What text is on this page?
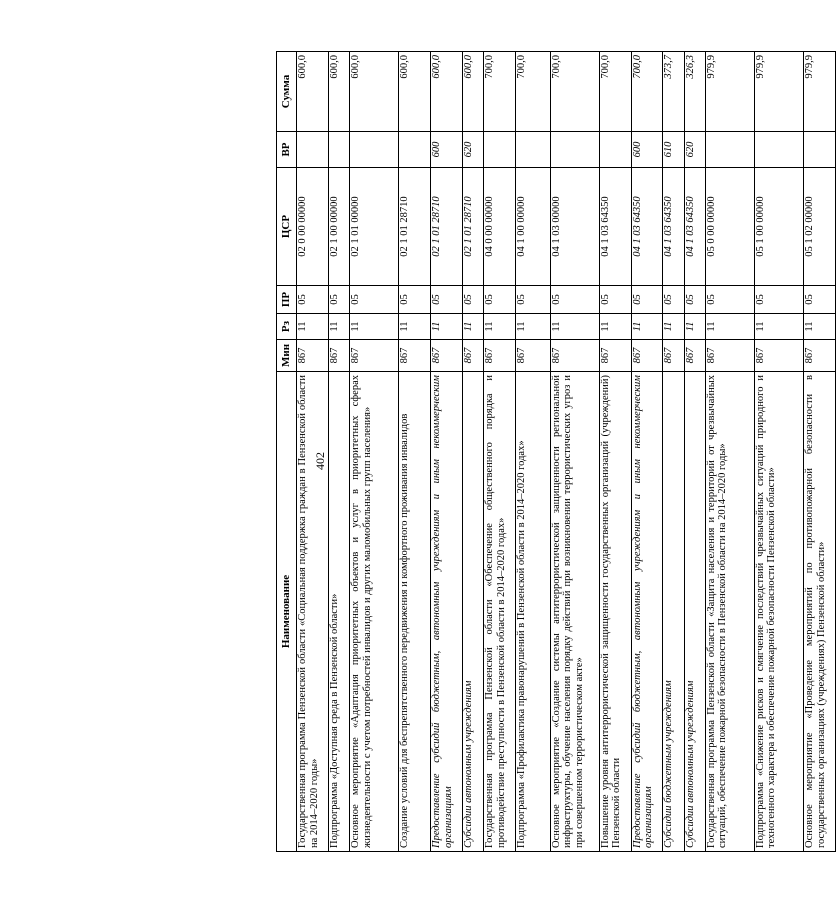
402
Наименование	Мин	Рз	ПР	ЦСР	ВР	Сумма
Государственная программа Пензенской области «Социальная поддержка граждан в Пензенской области на 2014–2020 годы»	867	11	05	02 0 00 00000		600,0
Подпрограмма «Доступная среда в Пензенской области»	867	11	05	02 1 00 00000		600,0
Основное мероприятие «Адаптация приоритетных объектов и услуг в приоритетных сферах жизнедеятельности с учетом потребностей инвалидов и других маломобильных групп населения»	867	11	05	02 1 01 00000		600,0
Создание условий для беспрепятственного передвижения и комфортного проживания инвалидов	867	11	05	02 1 01 28710		600,0
Предоставление субсидий бюджетным, автономным учреждениям и иным некоммерческим организациям	867	11	05	02 1 01 28710	600	600,0
Субсидии автономным учреждениям	867	11	05	02 1 01 28710	620	600,0
Государственная программа Пензенской области «Обеспечение общественного порядка и противодействие преступности в Пензенской области в 2014–2020 годах»	867	11	05	04 0 00 00000		700,0
Подпрограмма «Профилактика правонарушений в Пензенской области в 2014–2020 годах»	867	11	05	04 1 00 00000		700,0
Основное мероприятие «Создание системы антитеррористической защищенности региональной инфраструктуры, обучение населения порядку действий при возникновении террористических угроз и при совершенном террористическом акте»	867	11	05	04 1 03 00000		700,0
Повышение уровня антитеррористической защищенности государственных организаций (учреждений) Пензенской области	867	11	05	04 1 03 64350		700,0
Предоставление субсидий бюджетным, автономным учреждениям и иным некоммерческим организациям	867	11	05	04 1 03 64350	600	700,0
Субсидии бюджетным учреждениям	867	11	05	04 1 03 64350	610	373,7
Субсидии автономным учреждениям	867	11	05	04 1 03 64350	620	326,3
Государственная программа Пензенской области «Защита населения и территорий от чрезвычайных ситуаций, обеспечение пожарной безопасности в Пензенской области на 2014–2020 годы»	867	11	05	05 0 00 00000		979,9
Подпрограмма «Снижение рисков и смягчение последствий чрезвычайных ситуаций природного и техногенного характера и обеспечение пожарной безопасности Пензенской области»	867	11	05	05 1 00 00000		979,9
Основное мероприятие «Проведение мероприятий по противопожарной безопасности в государственных организациях (учреждениях) Пензенской области»	867	11	05	05 1 02 00000		979,9
